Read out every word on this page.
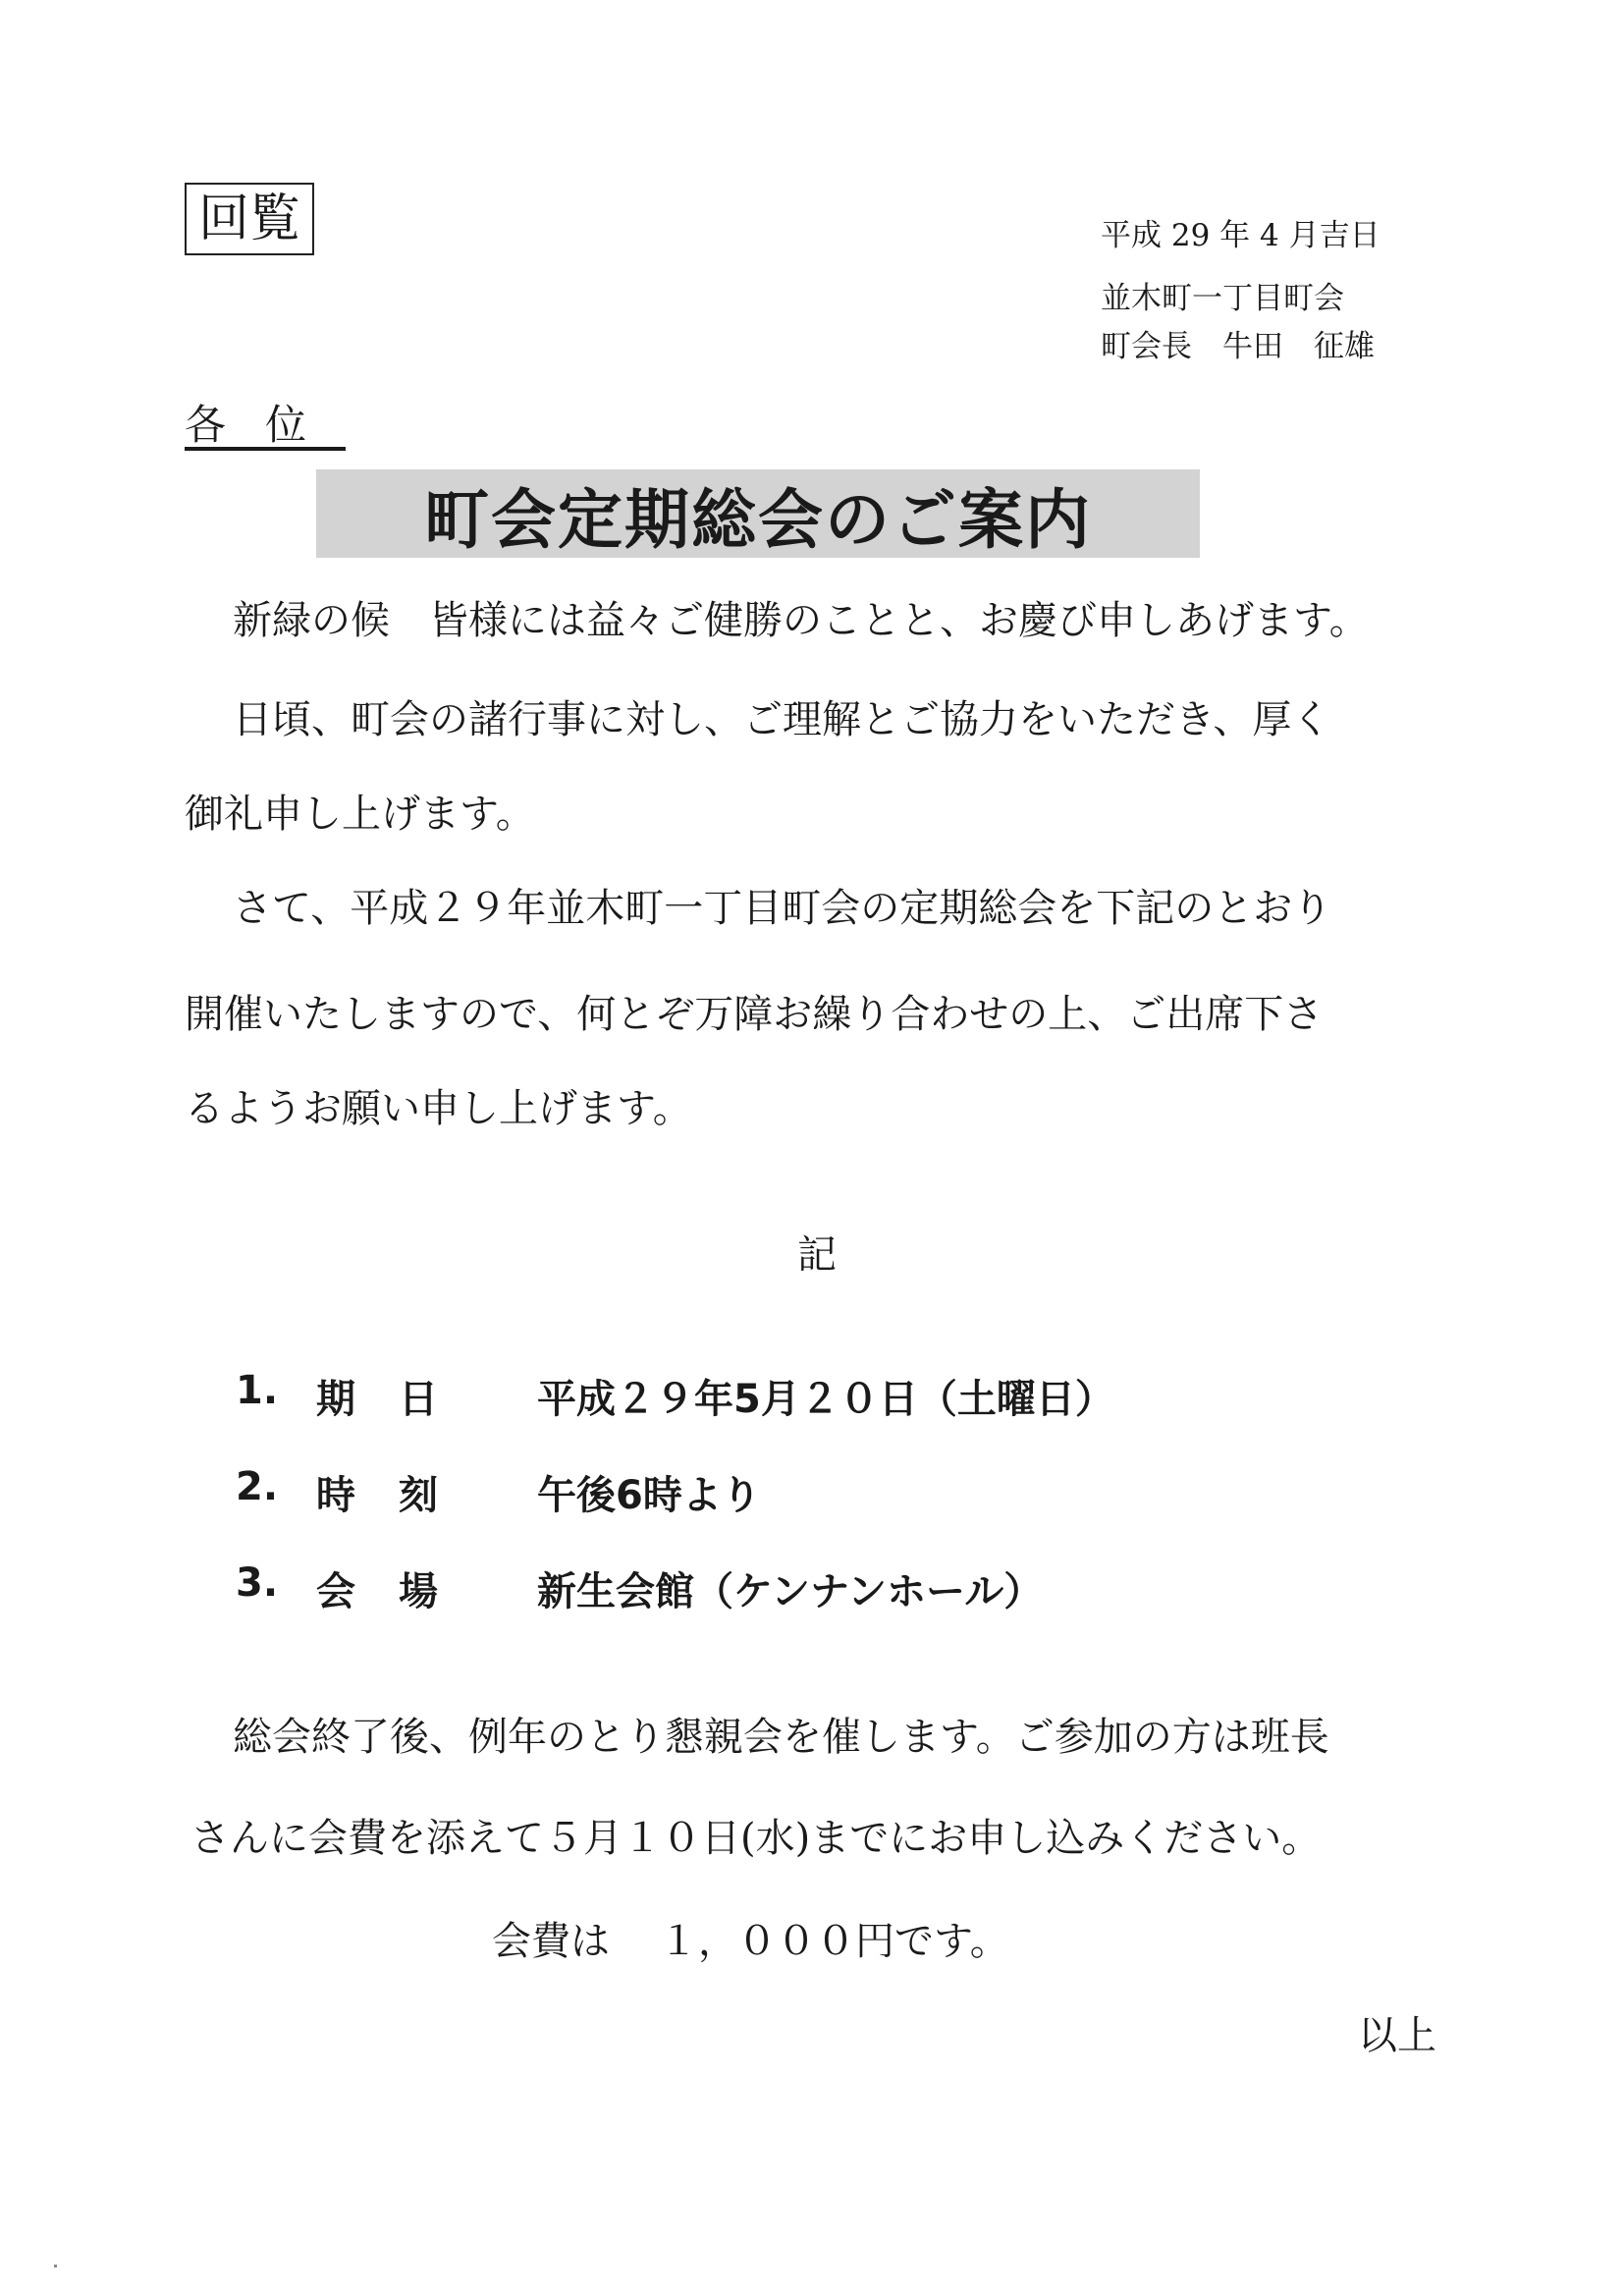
回覧	平成 29 年 4 月吉日
並木町一丁目町会
町会長　牛田　征雄
各位
町会定期総会のご案内
新緑の候　皆様には益々ご健勝のことと、お慶び申しあげます。
日頃、町会の諸行事に対し、ご理解とご協力をいただき、厚く
御礼申し上げます。
さて、平成２９年並木町一丁目町会の定期総会を下記のとおり
開催いたしますので、何とぞ万障お繰り合わせの上、ご出席下さ
るようお願い申し上げます。
記
1. 期日 平成２９年5月２０日（土曜日）
2. 時刻 午後6時より
3. 会場 新生会館（ケンナンホール）
総会終了後、例年のとり懇親会を催します。ご参加の方は班長
さんに会費を添えて５月１０日(水)までにお申し込みください。
会費は １，０００円です。
以上
